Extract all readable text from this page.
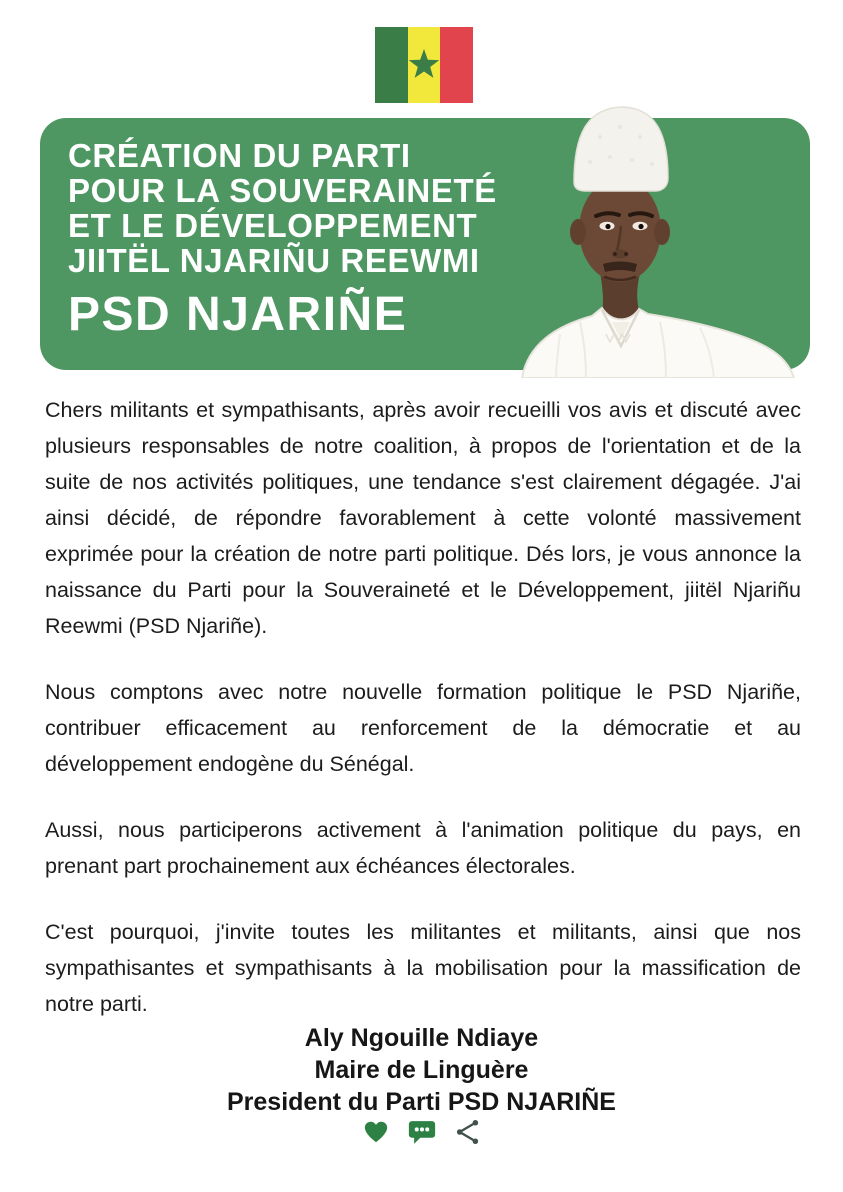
CRÉATION DU PARTI
POUR LA SOUVERAINETÉ
ET LE DÉVELOPPEMENT
JIITËL NJARIÑU REEWMI
PSD NJARIÑE

Chers militants et sympathisants, après avoir recueilli vos avis et discuté avec plusieurs responsables de notre coalition, à propos de l'orientation et de la suite de nos activités politiques, une tendance s'est clairement dégagée. J'ai ainsi décidé, de répondre favorablement à cette volonté massivement exprimée pour la création de notre parti politique. Dés lors, je vous annonce la naissance du Parti pour la Souveraineté et le Développement, jiitël Njariñu Reewmi (PSD Njariñe).

Nous comptons avec notre nouvelle formation politique le PSD Njariñe, contribuer efficacement au renforcement de la démocratie et au développement endogène du Sénégal.

Aussi, nous participerons activement à l'animation politique du pays, en prenant part prochainement aux échéances électorales.

C'est pourquoi, j'invite toutes les militantes et militants, ainsi que nos sympathisantes et sympathisants à la mobilisation pour la massification de notre parti.

Aly Ngouille Ndiaye
Maire de Linguère
President du Parti PSD NJARIÑE
